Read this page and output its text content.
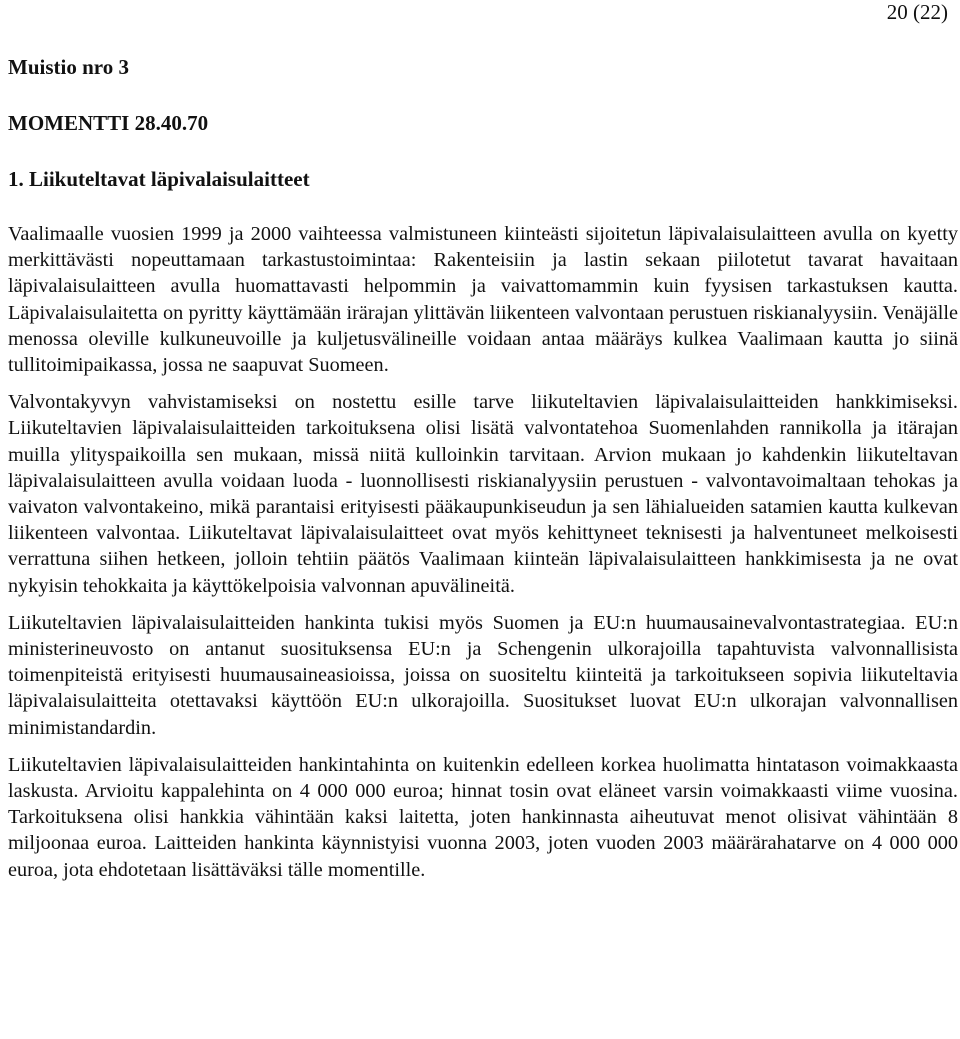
20 (22)
Muistio nro 3
MOMENTTI 28.40.70
1. Liikuteltavat läpivalaisulaitteet

Vaalimaalle vuosien 1999 ja 2000 vaihteessa valmistuneen kiinteästi sijoitetun läpivalaisulaitteen avulla on kyetty merkittävästi nopeuttamaan tarkastustoimintaa: Rakenteisiin ja lastin sekaan piilotetut tavarat havaitaan läpivalaisulaitteen avulla huomattavasti helpommin ja vaivattomammin kuin fyysisen tarkastuksen kautta. Läpivalaisulaitetta on pyritty käyttämään irärajan ylittävän liikenteen valvontaan perustuen riskianalyysiin. Venäjälle menossa oleville kulkuneuvoille ja kuljetusvälineille voidaan antaa määräys kulkea Vaalimaan kautta jo siinä tullitoimipaikassa, jossa ne saapuvat Suomeen.

Valvontakyvyn vahvistamiseksi on nostettu esille tarve liikuteltavien läpivalaisulaitteiden hankkimiseksi. Liikuteltavien läpivalaisulaitteiden tarkoituksena olisi lisätä valvontatehoa Suomenlahden rannikolla ja itärajan muilla ylityspaikoilla sen mukaan, missä niitä kulloinkin tarvitaan. Arvion mukaan jo kahdenkin liikuteltavan läpivalaisulaitteen avulla voidaan luoda - luonnollisesti riskianalyysiin perustuen - valvontavoimaltaan tehokas ja vaivaton valvontakeino, mikä parantaisi erityisesti pääkaupunkiseudun ja sen lähialueiden satamien kautta kulkevan liikenteen valvontaa. Liikuteltavat läpivalaisulaitteet ovat myös kehittyneet teknisesti ja halventuneet melkoisesti verrattuna siihen hetkeen, jolloin tehtiin päätös Vaalimaan kiinteän läpivalaisulaitteen hankkimisesta ja ne ovat nykyisin tehokkaita ja käyttökelpoisia valvonnan apuvälineitä.

Liikuteltavien läpivalaisulaitteiden hankinta tukisi myös Suomen ja EU:n huumausainevalvontastrategiaa. EU:n ministerineuvosto on antanut suosituksensa EU:n ja Schengenin ulkorajoilla tapahtuvista valvonnallisista toimenpiteistä erityisesti huumausaineasioissa, joissa on suositeltu kiinteitä ja tarkoitukseen sopivia liikuteltavia läpivalaisulaitteita otettavaksi käyttöön EU:n ulkorajoilla. Suositukset luovat EU:n ulkorajan valvonnallisen minimistandardin.

Liikuteltavien läpivalaisulaitteiden hankintahinta on kuitenkin edelleen korkea huolimatta hintatason voimakkaasta laskusta. Arvioitu kappalehinta on 4 000 000 euroa; hinnat tosin ovat eläneet varsin voimakkaasti viime vuosina. Tarkoituksena olisi hankkia vähintään kaksi laitetta, joten hankinnasta aiheutuvat menot olisivat vähintään 8 miljoonaa euroa. Laitteiden hankinta käynnistyisi vuonna 2003, joten vuoden 2003 määrärahatarve on 4 000 000 euroa, jota ehdotetaan lisättäväksi tälle momentille.
